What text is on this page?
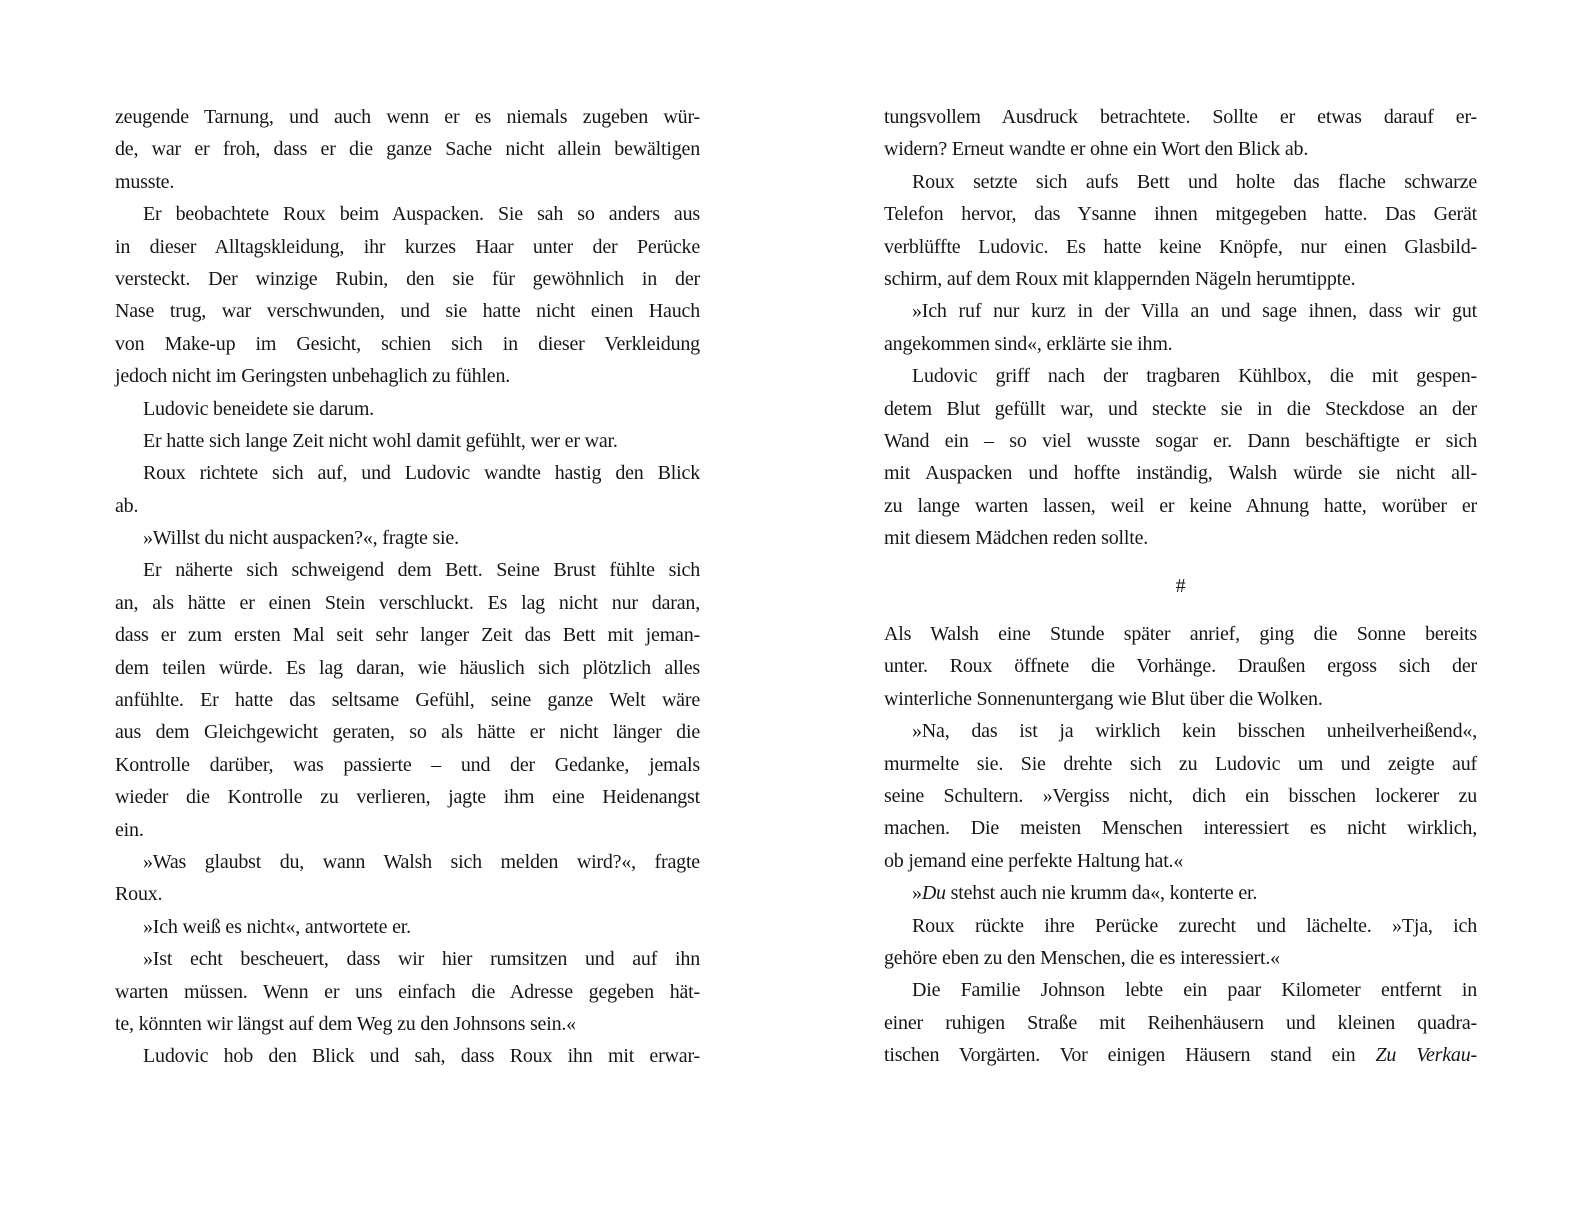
zeugende Tarnung, und auch wenn er es niemals zugeben wür-
de, war er froh, dass er die ganze Sache nicht allein bewältigen
musste.
Er beobachtete Roux beim Auspacken. Sie sah so anders aus
in dieser Alltagskleidung, ihr kurzes Haar unter der Perücke
versteckt. Der winzige Rubin, den sie für gewöhnlich in der
Nase trug, war verschwunden, und sie hatte nicht einen Hauch
von Make-up im Gesicht, schien sich in dieser Verkleidung
jedoch nicht im Geringsten unbehaglich zu fühlen.
Ludovic beneidete sie darum.
Er hatte sich lange Zeit nicht wohl damit gefühlt, wer er war.
Roux richtete sich auf, und Ludovic wandte hastig den Blick
ab.
»Willst du nicht auspacken?«, fragte sie.
Er näherte sich schweigend dem Bett. Seine Brust fühlte sich
an, als hätte er einen Stein verschluckt. Es lag nicht nur daran,
dass er zum ersten Mal seit sehr langer Zeit das Bett mit jeman-
dem teilen würde. Es lag daran, wie häuslich sich plötzlich alles
anfühlte. Er hatte das seltsame Gefühl, seine ganze Welt wäre
aus dem Gleichgewicht geraten, so als hätte er nicht länger die
Kontrolle darüber, was passierte – und der Gedanke, jemals
wieder die Kontrolle zu verlieren, jagte ihm eine Heidenangst
ein.
»Was glaubst du, wann Walsh sich melden wird?«, fragte
Roux.
»Ich weiß es nicht«, antwortete er.
»Ist echt bescheuert, dass wir hier rumsitzen und auf ihn
warten müssen. Wenn er uns einfach die Adresse gegeben hät-
te, könnten wir längst auf dem Weg zu den Johnsons sein.«
Ludovic hob den Blick und sah, dass Roux ihn mit erwar-
tungsvollem Ausdruck betrachtete. Sollte er etwas darauf er-
widern? Erneut wandte er ohne ein Wort den Blick ab.
Roux setzte sich aufs Bett und holte das flache schwarze
Telefon hervor, das Ysanne ihnen mitgegeben hatte. Das Gerät
verblüffte Ludovic. Es hatte keine Knöpfe, nur einen Glasbild-
schirm, auf dem Roux mit klappernden Nägeln herumtippte.
»Ich ruf nur kurz in der Villa an und sage ihnen, dass wir gut
angekommen sind«, erklärte sie ihm.
Ludovic griff nach der tragbaren Kühlbox, die mit gespen-
detem Blut gefüllt war, und steckte sie in die Steckdose an der
Wand ein – so viel wusste sogar er. Dann beschäftigte er sich
mit Auspacken und hoffte inständig, Walsh würde sie nicht all-
zu lange warten lassen, weil er keine Ahnung hatte, worüber er
mit diesem Mädchen reden sollte.
#
Als Walsh eine Stunde später anrief, ging die Sonne bereits
unter. Roux öffnete die Vorhänge. Draußen ergoss sich der
winterliche Sonnenuntergang wie Blut über die Wolken.
»Na, das ist ja wirklich kein bisschen unheilverheißend«,
murmelte sie. Sie drehte sich zu Ludovic um und zeigte auf
seine Schultern. »Vergiss nicht, dich ein bisschen lockerer zu
machen. Die meisten Menschen interessiert es nicht wirklich,
ob jemand eine perfekte Haltung hat.«
»Du stehst auch nie krumm da«, konterte er.
Roux rückte ihre Perücke zurecht und lächelte. »Tja, ich
gehöre eben zu den Menschen, die es interessiert.«
Die Familie Johnson lebte ein paar Kilometer entfernt in
einer ruhigen Straße mit Reihenhäusern und kleinen quadra-
tischen Vorgärten. Vor einigen Häusern stand ein Zu Verkau-
